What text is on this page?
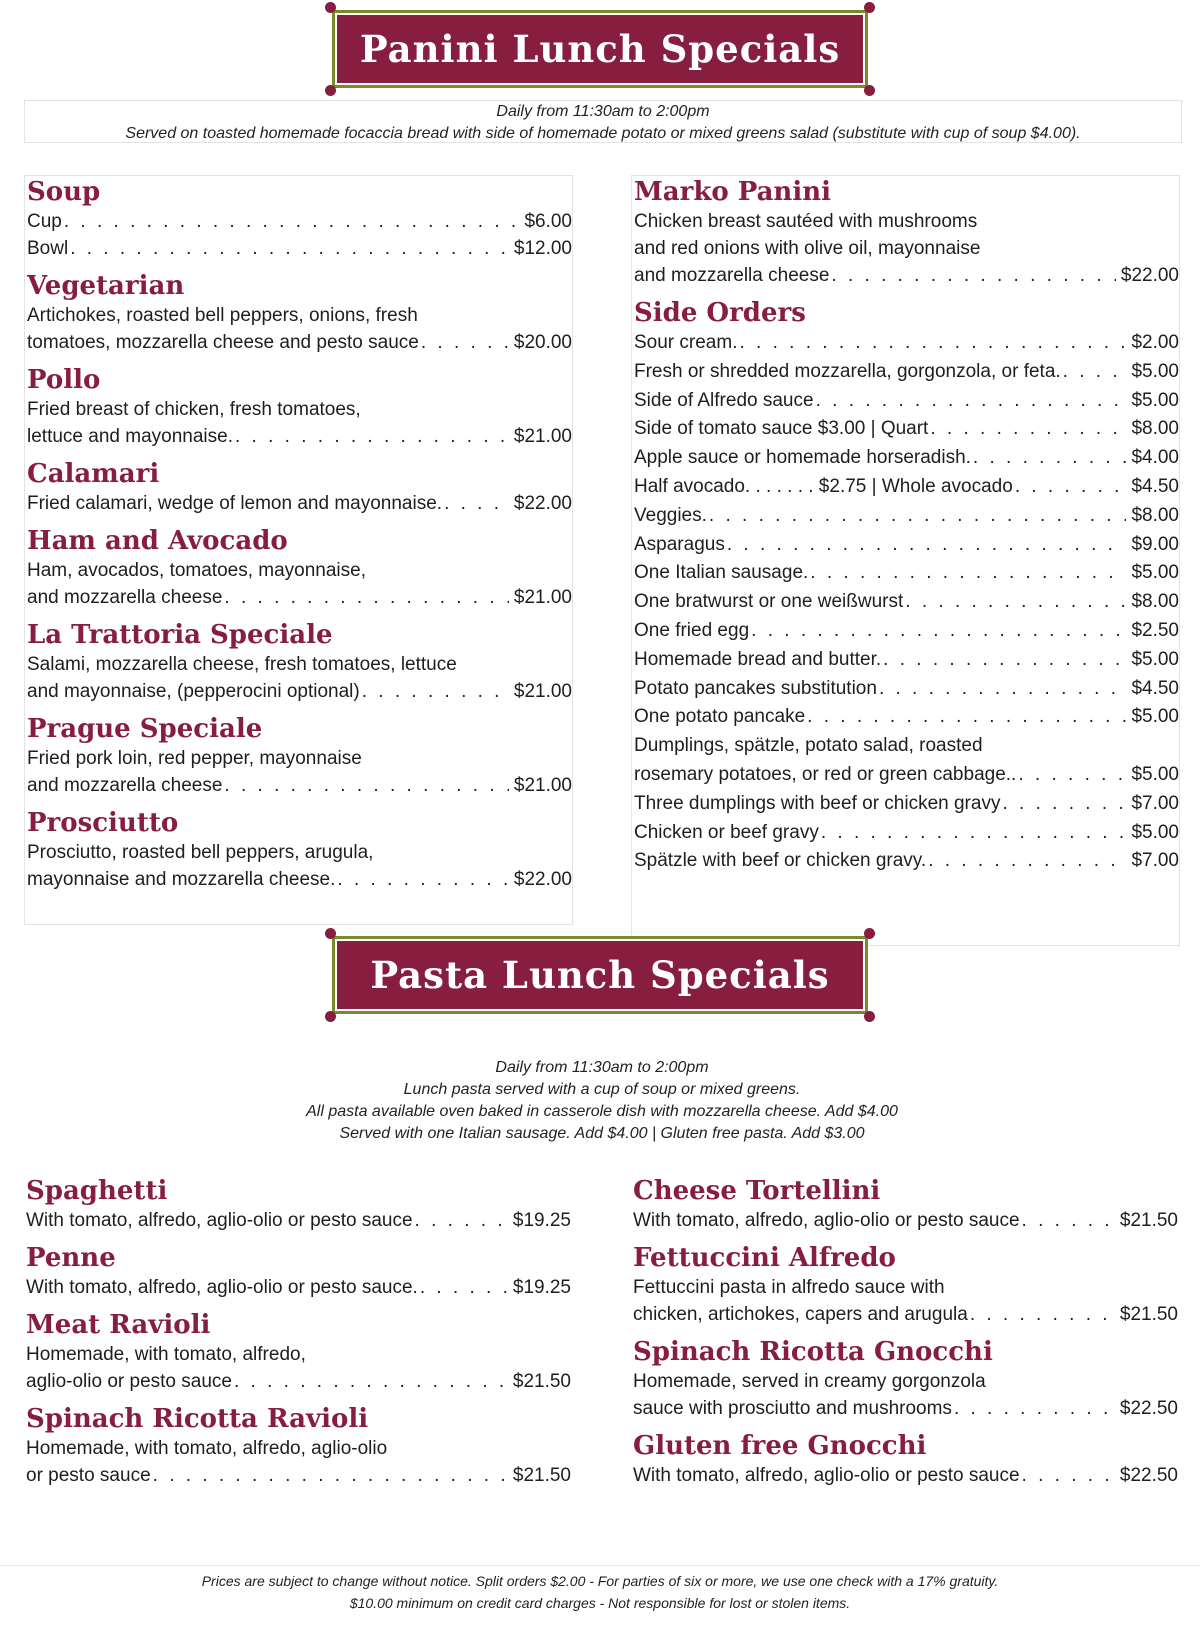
Panini Lunch Specials
Daily from 11:30am to 2:00pm
Served on toasted homemade focaccia bread with side of homemade potato or mixed greens salad (substitute with cup of soup $4.00).
Soup
Cup . . .	$6.00
Bowl . . .	$12.00
Vegetarian
Artichokes, roasted bell peppers, onions, fresh
tomatoes, mozzarella cheese and pesto sauce . . .	$20.00
Pollo
Fried breast of chicken, fresh tomatoes,
lettuce and mayonnaise. . . .	$21.00
Calamari
Fried calamari, wedge of lemon and mayonnaise. . . .	$22.00
Ham and Avocado
Ham, avocados, tomatoes, mayonnaise,
and mozzarella cheese . . .	$21.00
La Trattoria Speciale
Salami, mozzarella cheese, fresh tomatoes, lettuce
and mayonnaise, (pepperocini optional) . . .	$21.00
Prague Speciale
Fried pork loin, red pepper, mayonnaise
and mozzarella cheese . . .	$21.00
Prosciutto
Prosciutto, roasted bell peppers, arugula,
mayonnaise and mozzarella cheese. . . .	$22.00
Marko Panini
Chicken breast sautéed with mushrooms
and red onions with olive oil, mayonnaise
and mozzarella cheese . . .	$22.00
Side Orders
Sour cream. . . .	$2.00
Fresh or shredded mozzarella, gorgonzola, or feta. . . .	$5.00
Side of Alfredo sauce . . .	$5.00
Side of tomato sauce $3.00 | Quart . . .	$8.00
Apple sauce or homemade horseradish. . . .	$4.00
Half avocado. . . . . . . $2.75 | Whole avocado . . .	$4.50
Veggies. . . .	$8.00
Asparagus . . .	$9.00
One Italian sausage. . . .	$5.00
One bratwurst or one weißwurst . . .	$8.00
One fried egg . . .	$2.50
Homemade bread and butter. . . .	$5.00
Potato pancakes substitution . . .	$4.50
One potato pancake . . .	$5.00
Dumplings, spätzle, potato salad, roasted
rosemary potatoes, or red or green cabbage.. . . .	$5.00
Three dumplings with beef or chicken gravy . . .	$7.00
Chicken or beef gravy . . .	$5.00
Spätzle with beef or chicken gravy. . . .	$7.00
Pasta Lunch Specials
Daily from 11:30am to 2:00pm
Lunch pasta served with a cup of soup or mixed greens.
All pasta available oven baked in casserole dish with mozzarella cheese. Add $4.00
Served with one Italian sausage. Add $4.00 | Gluten free pasta. Add $3.00
Spaghetti
With tomato, alfredo, aglio-olio or pesto sauce . . .	$19.25
Penne
With tomato, alfredo, aglio-olio or pesto sauce. . . .	$19.25
Meat Ravioli
Homemade, with tomato, alfredo,
aglio-olio or pesto sauce . . .	$21.50
Spinach Ricotta Ravioli
Homemade, with tomato, alfredo, aglio-olio
or pesto sauce . . .	$21.50
Cheese Tortellini
With tomato, alfredo, aglio-olio or pesto sauce . . .	$21.50
Fettuccini Alfredo
Fettuccini pasta in alfredo sauce with
chicken, artichokes, capers and arugula . . .	$21.50
Spinach Ricotta Gnocchi
Homemade, served in creamy gorgonzola
sauce with prosciutto and mushrooms . . .	$22.50
Gluten free Gnocchi
With tomato, alfredo, aglio-olio or pesto sauce . . .	$22.50
Prices are subject to change without notice. Split orders $2.00 - For parties of six or more, we use one check with a 17% gratuity.
$10.00 minimum on credit card charges - Not responsible for lost or stolen items.
